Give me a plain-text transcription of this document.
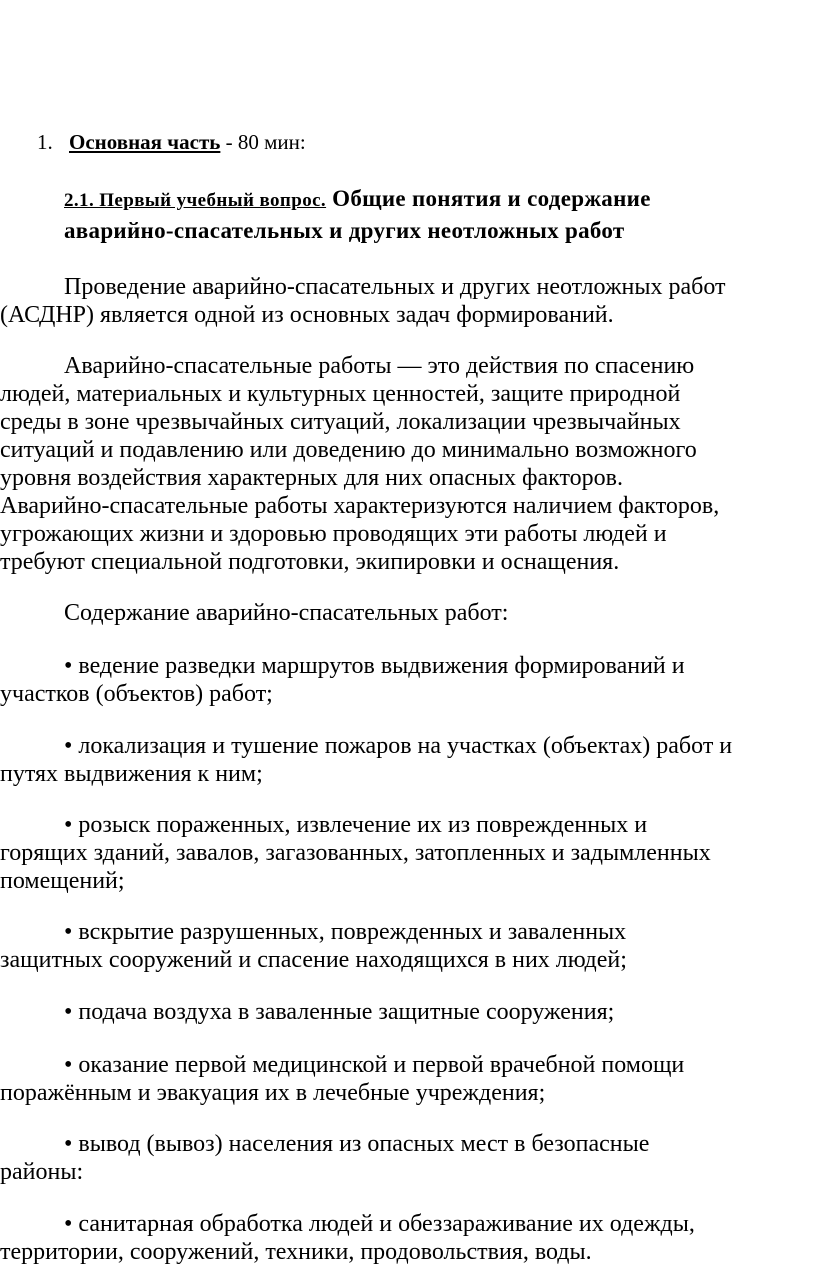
1. Основная часть - 80 мин:
2.1. Первый учебный вопрос. Общие понятия и содержание
аварийно-спасательных и других неотложных работ
Проведение аварийно-спасательных и других неотложных работ
(АСДНР) является одной из основных задач формирований.
Аварийно-спасательные работы — это действия по спасению
людей, материальных и культурных ценностей, защите природной
среды в зоне чрезвычайных ситуаций, локализации чрезвычайных
ситуаций и подавлению или доведению до минимально возможного
уровня воздействия характерных для них опасных факторов.
Аварийно-спасательные работы характеризуются наличием факторов,
угрожающих жизни и здоровью проводящих эти работы людей и
требуют специальной подготовки, экипировки и оснащения.
Содержание аварийно-спасательных работ:
• ведение разведки маршрутов выдвижения формирований и
участков (объектов) работ;
• локализация и тушение пожаров на участках (объектах) работ и
путях выдвижения к ним;
• розыск пораженных, извлечение их из поврежденных и
горящих зданий, завалов, загазованных, затопленных и задымленных
помещений;
• вскрытие разрушенных, поврежденных и заваленных
защитных сооружений и спасение находящихся в них людей;
• подача воздуха в заваленные защитные сооружения;
• оказание первой медицинской и первой врачебной помощи
поражённым и эвакуация их в лечебные учреждения;
• вывод (вывоз) населения из опасных мест в безопасные
районы:
• санитарная обработка людей и обеззараживание их одежды,
территории, сооружений, техники, продовольствия, воды.
